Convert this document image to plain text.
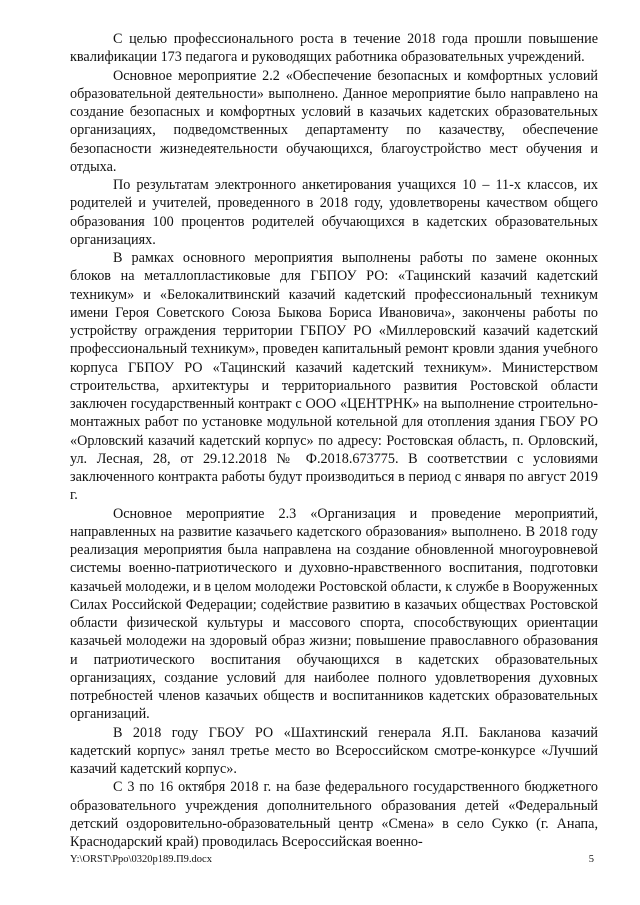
С целью профессионального роста в течение 2018 года прошли повышение квалификации 173 педагога и руководящих работника образовательных учреждений.

Основное мероприятие 2.2 «Обеспечение безопасных и комфортных условий образовательной деятельности» выполнено. Данное мероприятие было направлено на создание безопасных и комфортных условий в казачьих кадетских образовательных организациях, подведомственных департаменту по казачеству, обеспечение безопасности жизнедеятельности обучающихся, благоустройство мест обучения и отдыха.

По результатам электронного анкетирования учащихся 10 – 11-х классов, их родителей и учителей, проведенного в 2018 году, удовлетворены качеством общего образования 100 процентов родителей обучающихся в кадетских образовательных организациях.

В рамках основного мероприятия выполнены работы по замене оконных блоков на металлопластиковые для ГБПОУ РО: «Тацинский казачий кадетский техникум» и «Белокалитвинский казачий кадетский профессиональный техникум имени Героя Советского Союза Быкова Бориса Ивановича», закончены работы по устройству ограждения территории ГБПОУ РО «Миллеровский казачий кадетский профессиональный техникум», проведен капитальный ремонт кровли здания учебного корпуса ГБПОУ РО «Тацинский казачий кадетский техникум». Министерством строительства, архитектуры и территориального развития Ростовской области заключен государственный контракт с ООО «ЦЕНТРНК» на выполнение строительно-монтажных работ по установке модульной котельной для отопления здания ГБОУ РО «Орловский казачий кадетский корпус» по адресу: Ростовская область, п. Орловский, ул. Лесная, 28, от 29.12.2018 № Ф.2018.673775. В соответствии с условиями заключенного контракта работы будут производиться в период с января по август 2019 г.

Основное мероприятие 2.3 «Организация и проведение мероприятий, направленных на развитие казачьего кадетского образования» выполнено. В 2018 году реализация мероприятия была направлена на создание обновленной многоуровневой системы военно-патриотического и духовно-нравственного воспитания, подготовки казачьей молодежи, и в целом молодежи Ростовской области, к службе в Вооруженных Силах Российской Федерации; содействие развитию в казачьих обществах Ростовской области физической культуры и массового спорта, способствующих ориентации казачьей молодежи на здоровый образ жизни; повышение православного образования и патриотического воспитания обучающихся в кадетских образовательных организациях, создание условий для наиболее полного удовлетворения духовных потребностей членов казачьих обществ и воспитанников кадетских образовательных организаций.

В 2018 году ГБОУ РО «Шахтинский генерала Я.П. Бакланова казачий кадетский корпус» занял третье место во Всероссийском смотре-конкурсе «Лучший казачий кадетский корпус».

С 3 по 16 октября 2018 г. на базе федерального государственного бюджетного образовательного учреждения дополнительного образования детей «Федеральный детский оздоровительно-образовательный центр «Смена» в село Сукко (г. Анапа, Краснодарский край) проводилась Всероссийская военно-

Y:\ORST\Ppo\0320p189.П9.docx	5
